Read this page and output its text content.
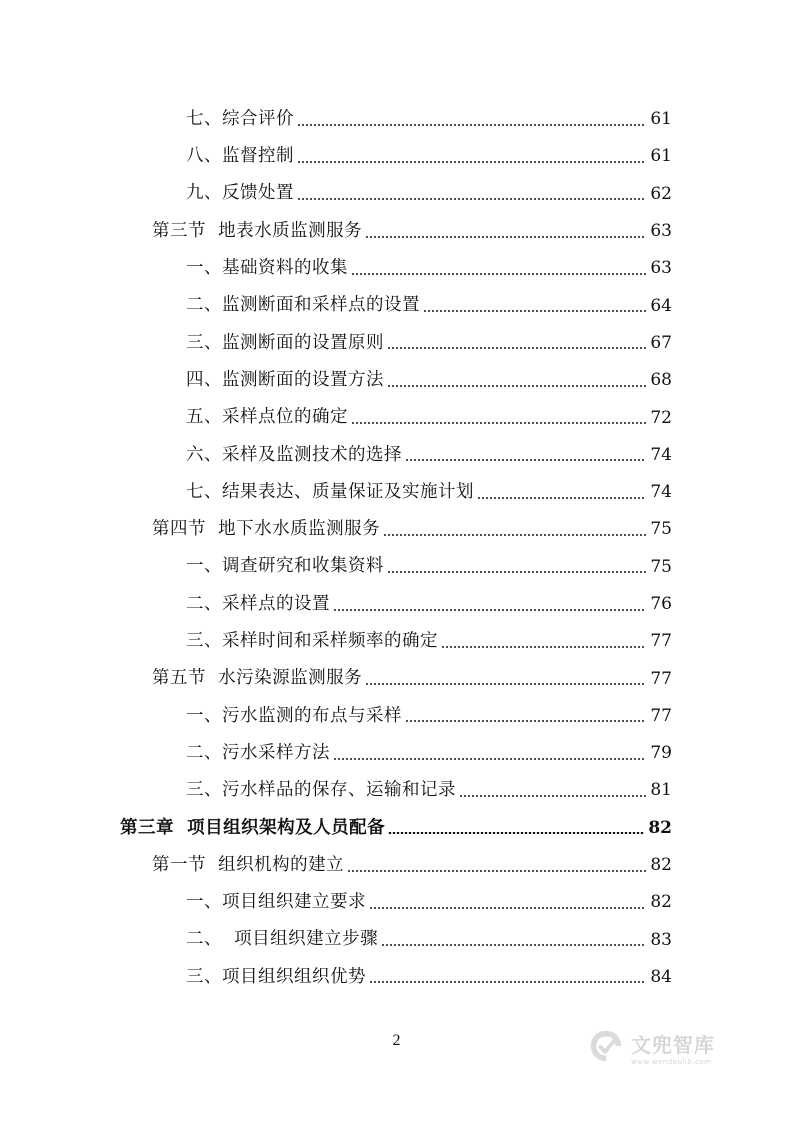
七、综合评价	61
八、监督控制	61
九、反馈处置	62
第三节  地表水质监测服务	63
一、基础资料的收集	63
二、监测断面和采样点的设置	64
三、监测断面的设置原则	67
四、监测断面的设置方法	68
五、采样点位的确定	72
六、采样及监测技术的选择	74
七、结果表达、质量保证及实施计划	74
第四节  地下水水质监测服务	75
一、调查研究和收集资料	75
二、采样点的设置	76
三、采样时间和采样频率的确定	77
第五节  水污染源监测服务	77
一、污水监测的布点与采样	77
二、污水采样方法	79
三、污水样品的保存、运输和记录	81
第三章  项目组织架构及人员配备	82
第一节  组织机构的建立	82
一、项目组织建立要求	82
二、  项目组织建立步骤	83
三、项目组织组织优势	84
2	文兜智库
www.wendoulib.com
